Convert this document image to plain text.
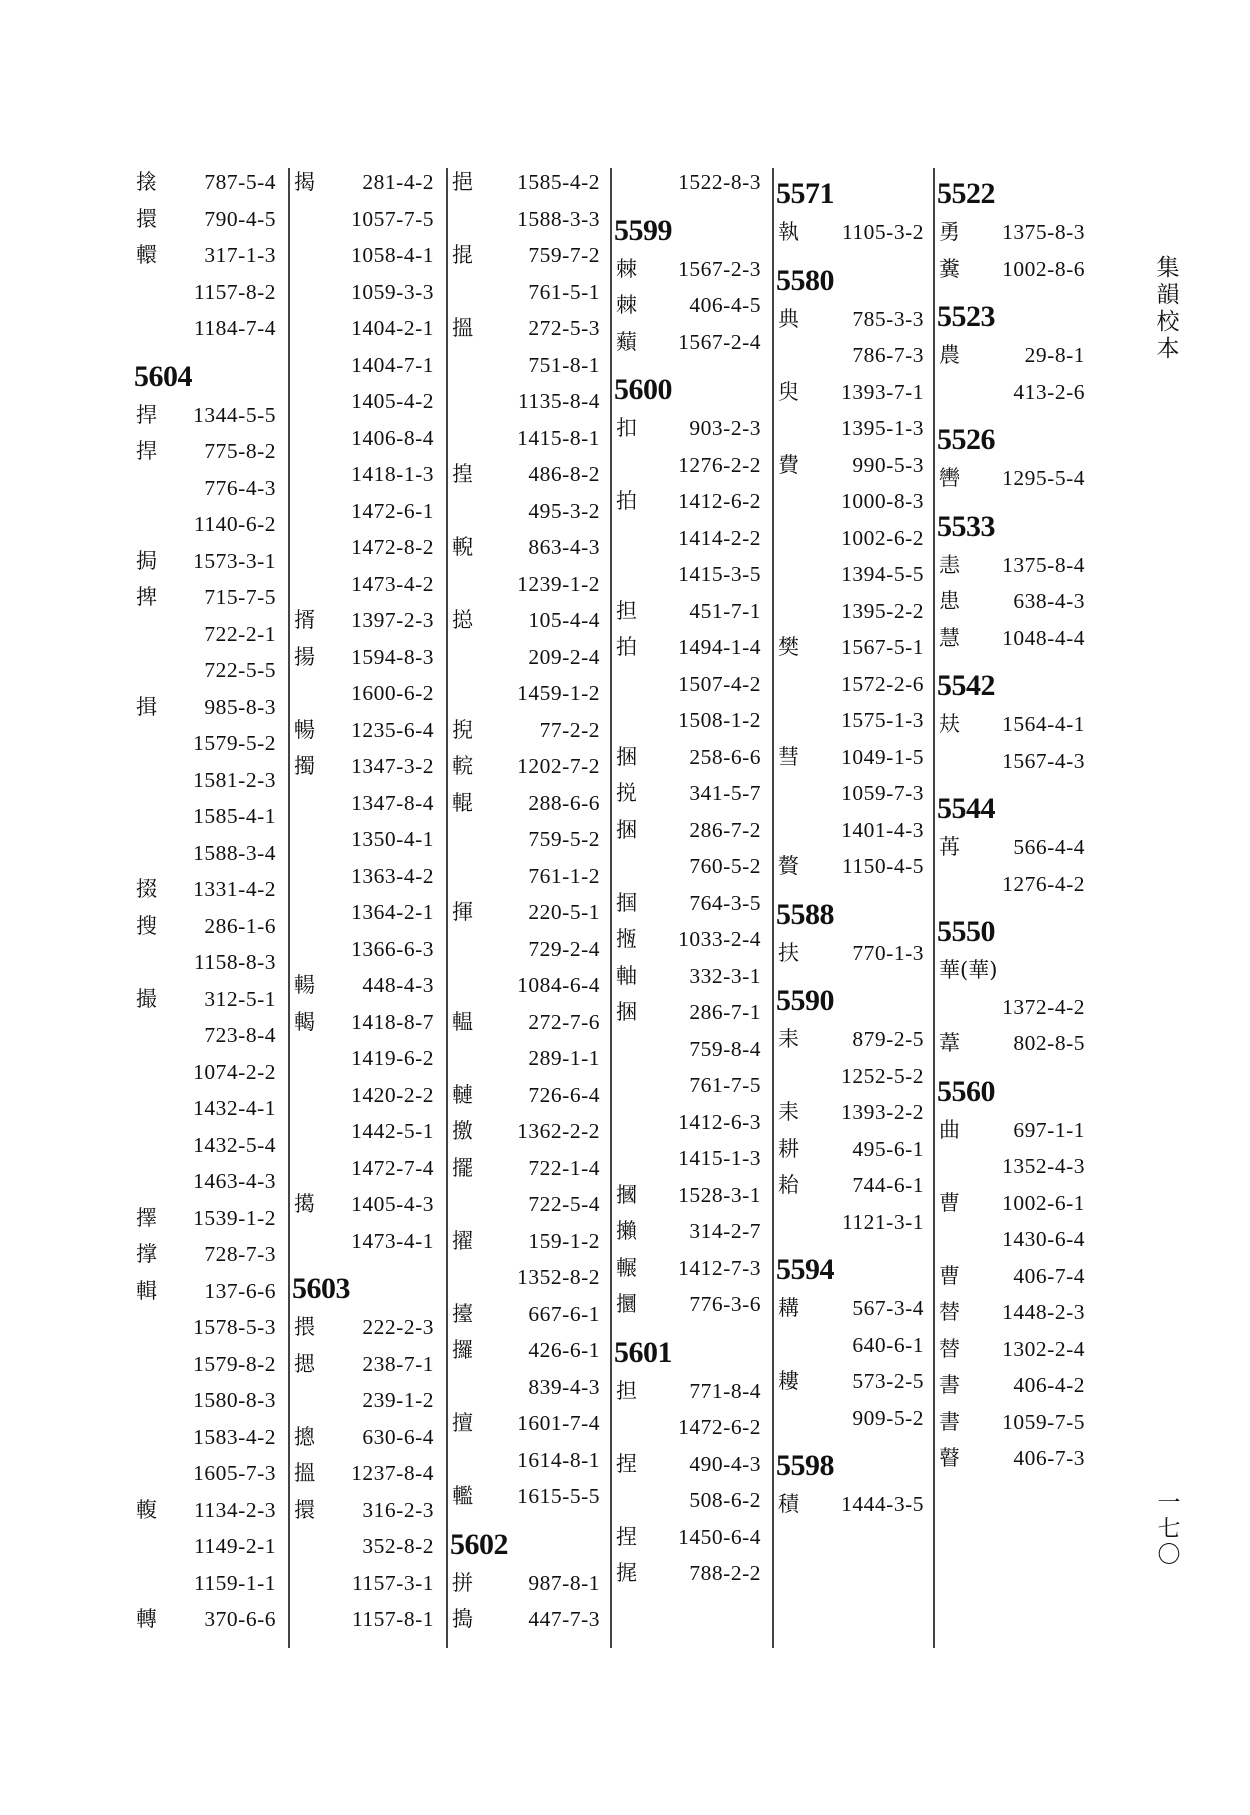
集
韻
校
本
一
七
〇
搇 787-5-4
擐 790-4-5
轘 317-1-3
1157-8-2
1184-7-4
5604
捍 1344-5-5
捍 775-8-2
776-4-3
1140-6-2
挶 1573-3-1
捭 715-7-5
722-2-1
722-5-5
揖 985-8-3
1579-5-2
1581-2-3
1585-4-1
1588-3-4
掇 1331-4-2
搜 286-1-6
1158-8-3
撮 312-5-1
723-8-4
1074-2-2
1432-4-1
1432-5-4
1463-4-3
擇 1539-1-2
撑 728-7-3
輯 137-6-6
1578-5-3
1579-8-2
1580-8-3
1583-4-2
1605-7-3
輹 1134-2-3
1149-2-1
1159-1-1
轉 370-6-6
揭 281-4-2
1057-7-5
1058-4-1
1059-3-3
1404-2-1
1404-7-1
1405-4-2
1406-8-4
1418-1-3
1472-6-1
1472-8-2
1473-4-2
揟 1397-2-3
揚 1594-8-3
1600-6-2
暢 1235-6-4
擉 1347-3-2
1347-8-4
1350-4-1
1363-4-2
1364-2-1
1366-6-3
輰 448-4-3
輵 1418-8-7
1419-6-2
1420-2-2
1442-5-1
1472-7-4
擖 1405-4-3
1473-4-1
5603
揋 222-2-3
揌 238-7-1
239-1-2
摠 630-6-4
搵 1237-8-4
擐 316-2-3
352-8-2
1157-3-1
1157-8-1
挹 1585-4-2
1588-3-3
掍	759-7-2
761-5-1
搵	272-5-3
751-8-1
1135-8-4
1415-8-1
揘	486-8-2
495-3-2
輗	863-4-3
1239-1-2
搃	105-4-4
209-2-4
1459-1-2
掜	77-2-2
輐 1202-7-2
輥	288-6-6
759-5-2
761-1-2
揮	220-5-1
729-2-4
1084-6-4
輼	272-7-6
289-1-1
轋	726-6-4
撽 1362-2-2
擺	722-1-4
722-5-4
擢	159-1-2
1352-8-2
擡	667-6-1
攞	426-6-1
839-4-3
擅 1601-7-4
1614-8-1
轞 1615-5-5
5602
拼	987-8-1
搗	447-7-3
1522-8-3
5599
棘 1567-2-3
棘 406-4-5
蘱 1567-2-4
5600
扣 903-2-3
1276-2-2
拍 1412-6-2
1414-2-2
1415-3-5
担 451-7-1
拍 1494-1-4
1507-4-2
1508-1-2
捆 258-6-6
捝 341-5-7
捆 286-7-2
760-5-2
掴 764-3-5
揯 1033-2-4
軸 332-3-1
捆 286-7-1
759-8-4
761-7-5
1412-6-3
1415-1-3
摑 1528-3-1
攋 314-2-7
輾 1412-7-3
攌 776-3-6
5601
担 771-8-4
1472-6-2
捏 490-4-3
508-6-2
捏 1450-6-4
捤 788-2-2
5571
執 1105-3-2
5580
典 785-3-3
786-7-3
臾 1393-7-1
1395-1-3
費 990-5-3
1000-8-3
1002-6-2
1394-5-5
1395-2-2
樊 1567-5-1
1572-2-6
1575-1-3
彗 1049-1-5
1059-7-3
1401-4-3
贅 1150-4-5
5588
扶 770-1-3
5590
耒 879-2-5
1252-5-2
耒 1393-2-2
耕 495-6-1
耛 744-6-1
1121-3-1
5594
耩 567-3-4
640-6-1
耬 573-2-5
909-5-2
5598
積 1444-3-5
5522
勇 1375-8-3
糞 1002-8-6
5523
農	29-8-1
413-2-6
5526
轡 1295-5-4
5533
恚 1375-8-4
患 638-4-3
慧 1048-4-4
5542
㚘 1564-4-1
1567-4-3
5544
苒 566-4-4
1276-4-2
5550
華(華)
1372-4-2
葦 802-8-5
5560
曲 697-1-1
1352-4-3
曹 1002-6-1
1430-6-4
曹 406-7-4
替 1448-2-3
替 1302-2-4
書 406-4-2
書 1059-7-5
瞽 406-7-3
